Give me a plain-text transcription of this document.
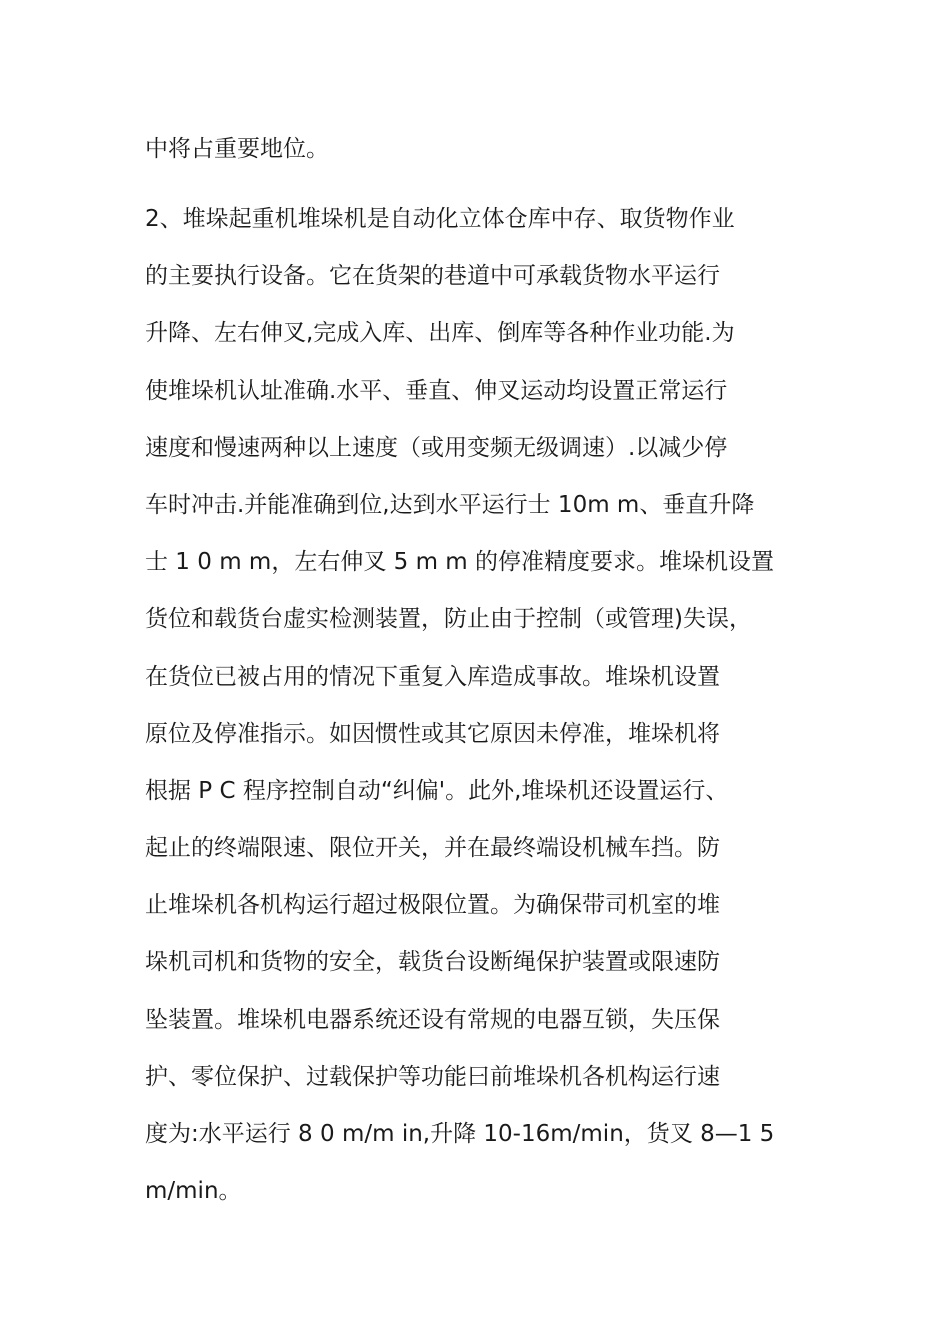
中将占重要地位。
2、堆垛起重机堆垛机是自动化立体仓库中存、取货物作业
的主要执行设备。它在货架的巷道中可承载货物水平运行
升降、左右伸叉,完成入库、出库、倒库等各种作业功能.为
使堆垛机认址准确.水平、垂直、伸叉运动均设置正常运行
速度和慢速两种以上速度（或用变频无级调速）.以减少停
车时冲击.并能准确到位,达到水平运行士 10m m、垂直升降
士 1 0 m m，左右伸叉 5 m m 的停准精度要求。堆垛机设置
货位和载货台虚实检测装置，防止由于控制（或管理)失误，
在货位已被占用的情况下重复入库造成事故。堆垛机设置
原位及停准指示。如因惯性或其它原因未停准，堆垛机将
根据 P C 程序控制自动“纠偏'。此外,堆垛机还设置运行、
起止的终端限速、限位开关，并在最终端设机械车挡。防
止堆垛机各机构运行超过极限位置。为确保带司机室的堆
垛机司机和货物的安全，载货台设断绳保护装置或限速防
坠装置。堆垛机电器系统还设有常规的电器互锁，失压保
护、零位保护、过载保护等功能曰前堆垛机各机构运行速
度为:水平运行 8 0 m/m in,升降 10-16m/min，货叉 8—1 5
m/min。
